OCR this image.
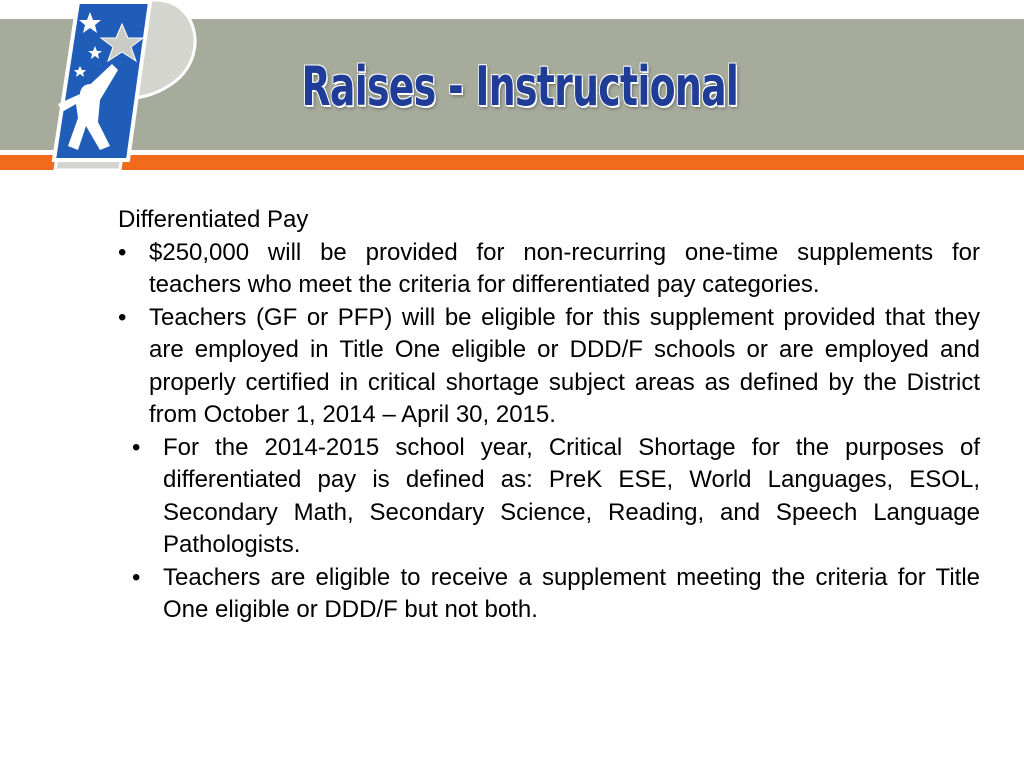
Raises - Instructional

Differentiated Pay

• $250,000 will be provided for non-recurring one-time supplements for teachers who meet the criteria for differentiated pay categories.
• Teachers (GF or PFP) will be eligible for this supplement provided that they are employed in Title One eligible or DDD/F schools or are employed and properly certified in critical shortage subject areas as defined by the District from October 1, 2014 – April 30, 2015.
• For the 2014-2015 school year, Critical Shortage for the purposes of differentiated pay is defined as: PreK ESE, World Languages, ESOL, Secondary Math, Secondary Science, Reading, and Speech Language Pathologists.
• Teachers are eligible to receive a supplement meeting the criteria for Title One eligible or DDD/F but not both.
